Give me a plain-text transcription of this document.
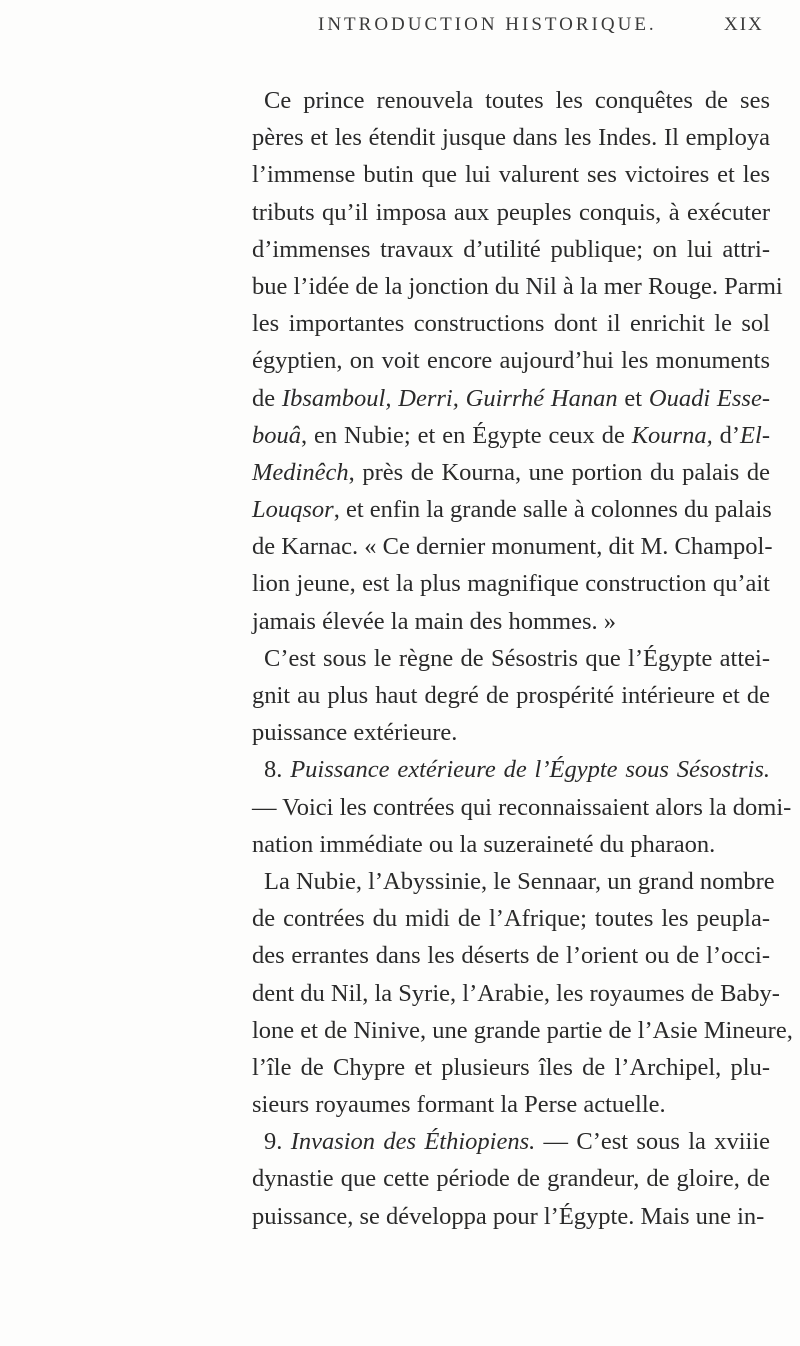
INTRODUCTION HISTORIQUE.	XIX
Ce prince renouvela toutes les conquêtes de ses
pères et les étendit jusque dans les Indes. Il employa
l’immense butin que lui valurent ses victoires et les
tributs qu’il imposa aux peuples conquis, à exécuter
d’immenses travaux d’utilité publique; on lui attri-
bue l’idée de la jonction du Nil à la mer Rouge. Parmi
les importantes constructions dont il enrichit le sol
égyptien, on voit encore aujourd’hui les monuments
de Ibsamboul, Derri, Guirrhé Hanan et Ouadi Esse-
bouâ, en Nubie; et en Égypte ceux de Kourna, d’El-
Medinêch, près de Kourna, une portion du palais de
Louqsor, et enfin la grande salle à colonnes du palais
de Karnac. « Ce dernier monument, dit M. Champol-
lion jeune, est la plus magnifique construction qu’ait
jamais élevée la main des hommes. »
C’est sous le règne de Sésostris que l’Égypte attei-
gnit au plus haut degré de prospérité intérieure et de
puissance extérieure.
8. Puissance extérieure de l’Égypte sous Sésostris.
— Voici les contrées qui reconnaissaient alors la domi-
nation immédiate ou la suzeraineté du pharaon.
La Nubie, l’Abyssinie, le Sennaar, un grand nombre
de contrées du midi de l’Afrique; toutes les peupla-
des errantes dans les déserts de l’orient ou de l’occi-
dent du Nil, la Syrie, l’Arabie, les royaumes de Baby-
lone et de Ninive, une grande partie de l’Asie Mineure,
l’île de Chypre et plusieurs îles de l’Archipel, plu-
sieurs royaumes formant la Perse actuelle.
9. Invasion des Éthiopiens. — C’est sous la xviiie
dynastie que cette période de grandeur, de gloire, de
puissance, se développa pour l’Égypte. Mais une in-
